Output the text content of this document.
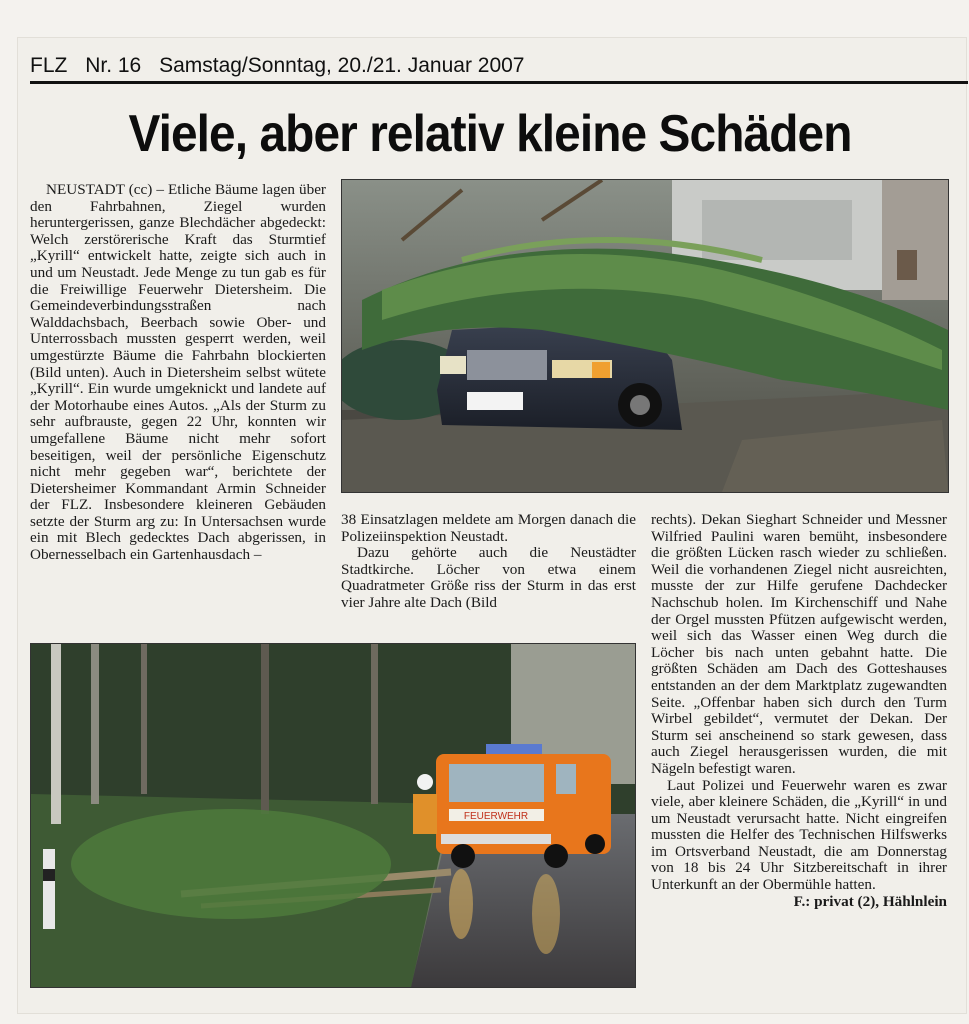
FLZ Nr. 16 Samstag/Sonntag, 20./21. Januar 2007
Viele, aber relativ kleine Schäden

NEUSTADT (cc) – Etliche Bäume lagen über den Fahrbahnen, Ziegel wurden heruntergerissen, ganze Blechdächer abgedeckt: Welch zerstörerische Kraft das Sturmtief „Kyrill“ entwickelt hatte, zeigte sich auch in und um Neustadt. Jede Menge zu tun gab es für die Freiwillige Feuerwehr Dietersheim. Die Gemeindeverbindungsstraßen nach Walddachsbach, Beerbach sowie Ober- und Unterrossbach mussten gesperrt werden, weil umgestürzte Bäume die Fahrbahn blockierten (Bild unten). Auch in Dietersheim selbst wütete „Kyrill“. Ein wurde umgeknickt und landete auf der Motorhaube eines Autos. „Als der Sturm zu sehr aufbrauste, gegen 22 Uhr, konnten wir umgefallene Bäume nicht mehr sofort beseitigen, weil der persönliche Eigenschutz nicht mehr gegeben war“, berichtete der Dietersheimer Kommandant Armin Schneider der FLZ. Insbesondere kleineren Gebäuden setzte der Sturm arg zu: In Untersachsen wurde ein mit Blech gedecktes Dach abgerissen, in Obernesselbach ein Gartenhausdach –

38 Einsatzlagen meldete am Morgen danach die Polizeiinspektion Neustadt.

Dazu gehörte auch die Neustädter Stadtkirche. Löcher von etwa einem Quadratmeter Größe riss der Sturm in das erst vier Jahre alte Dach (Bild

rechts). Dekan Sieghart Schneider und Messner Wilfried Paulini waren bemüht, insbesondere die größten Lücken rasch wieder zu schließen. Weil die vorhandenen Ziegel nicht ausreichten, musste der zur Hilfe gerufene Dachdecker Nachschub holen. Im Kirchenschiff und Nahe der Orgel mussten Pfützen aufgewischt werden, weil sich das Wasser einen Weg durch die Löcher bis nach unten gebahnt hatte. Die größten Schäden am Dach des Gotteshauses entstanden an der dem Marktplatz zugewandten Seite. „Offenbar haben sich durch den Turm Wirbel gebildet“, vermutet der Dekan. Der Sturm sei anscheinend so stark gewesen, dass auch Ziegel herausgerissen wurden, die mit Nägeln befestigt waren.

Laut Polizei und Feuerwehr waren es zwar viele, aber kleinere Schäden, die „Kyrill“ in und um Neustadt verursacht hatte. Nicht eingreifen mussten die Helfer des Technischen Hilfswerks im Ortsverband Neustadt, die am Donnerstag von 18 bis 24 Uhr Sitzbereitschaft in ihrer Unterkunft an der Obermühle hatten.

F.: privat (2), Hählnlein

FEUERWEHR
